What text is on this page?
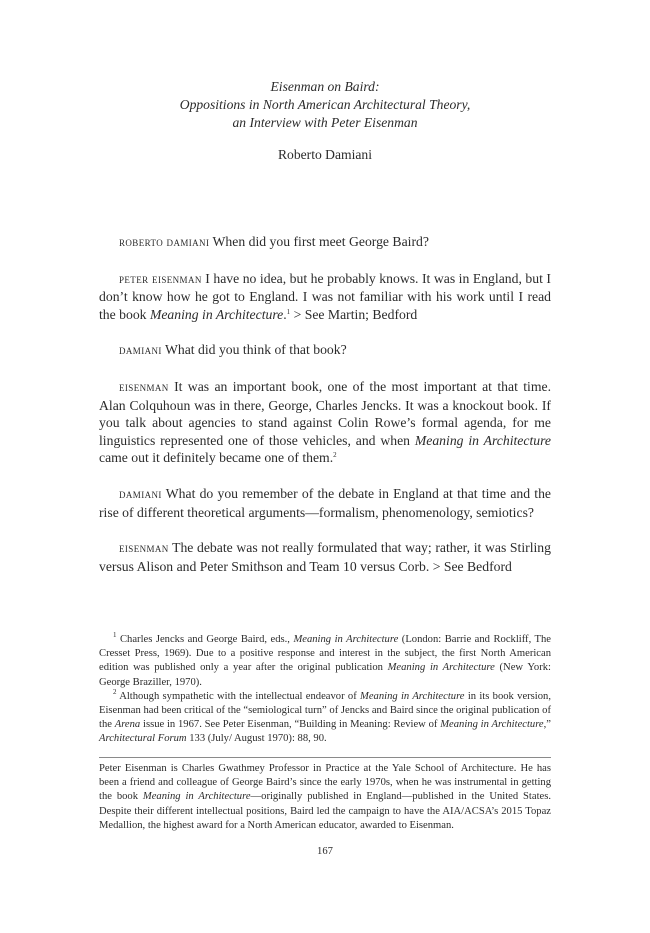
Eisenman on Baird:
Oppositions in North American Architectural Theory,
an Interview with Peter Eisenman
Roberto Damiani

roberto damiani When did you first meet George Baird?

peter eisenman I have no idea, but he probably knows. It was in England, but I don’t know how he got to England. I was not familiar with his work until I read the book Meaning in Architecture.$^1$ > See Martin; Bedford

damiani What did you think of that book?

eisenman It was an important book, one of the most important at that time. Alan Colquhoun was in there, George, Charles Jencks. It was a knockout book. If you talk about agencies to stand against Colin Rowe’s formal agenda, for me linguistics represented one of those vehicles, and when Meaning in Architecture came out it definitely became one of them.$^2$

damiani What do you remember of the debate in England at that time and the rise of different theoretical arguments—formalism, phenomenology, semiotics?

eisenman The debate was not really formulated that way; rather, it was Stirling versus Alison and Peter Smithson and Team 10 versus Corb. > See Bedford

$^1$ Charles Jencks and George Baird, eds., Meaning in Architecture (London: Barrie and Rockliff, The Cresset Press, 1969). Due to a positive response and interest in the subject, the first North American edition was published only a year after the original publication Meaning in Architecture (New York: George Braziller, 1970).

$^2$ Although sympathetic with the intellectual endeavor of Meaning in Architecture in its book version, Eisenman had been critical of the “semiological turn” of Jencks and Baird since the original publication of the Arena issue in 1967. See Peter Eisenman, “Building in Meaning: Review of Meaning in Architecture,” Architectural Forum 133 (July/ August 1970): 88, 90.

Peter Eisenman is Charles Gwathmey Professor in Practice at the Yale School of Architecture. He has been a friend and colleague of George Baird’s since the early 1970s, when he was instrumental in getting the book Meaning in Architecture—originally published in England—published in the United States. Despite their different intellectual positions, Baird led the campaign to have the AIA/ACSA’s 2015 Topaz Medallion, the highest award for a North American educator, awarded to Eisenman.

167
